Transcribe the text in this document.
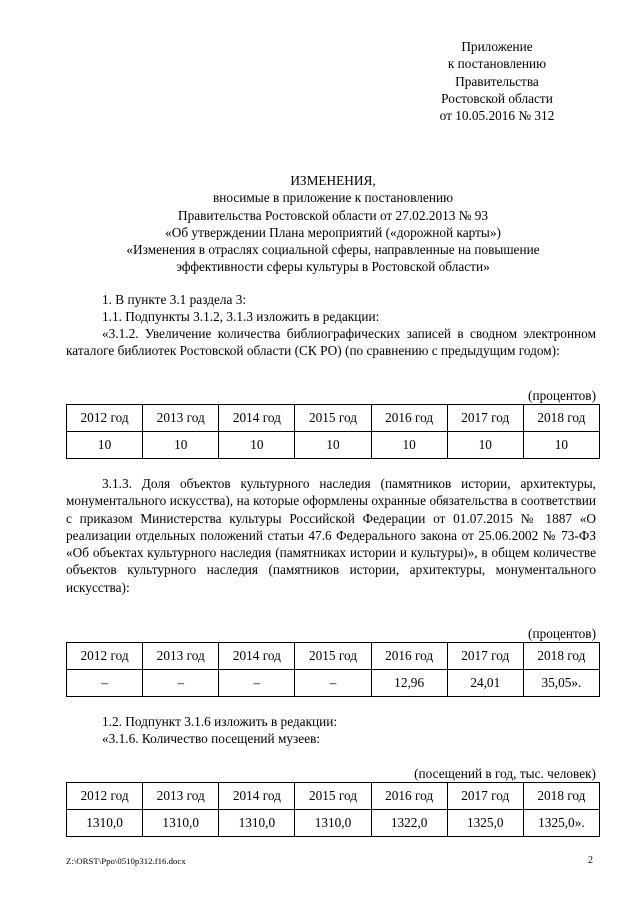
Приложение
к постановлению
Правительства
Ростовской области
от 10.05.2016 № 312
ИЗМЕНЕНИЯ,
вносимые в приложение к постановлению
Правительства Ростовской области от 27.02.2013 № 93
«Об утверждении Плана мероприятий («дорожной карты»)
«Изменения в отраслях социальной сферы, направленные на повышение
эффективности сферы культуры в Ростовской области»
1. В пункте 3.1 раздела 3:
1.1. Подпункты 3.1.2, 3.1.3 изложить в редакции:
«3.1.2. Увеличение количества библиографических записей в сводном электронном каталоге библиотек Ростовской области (СК РО) (по сравнению с предыдущим годом):
(процентов)
2012 год	2013 год	2014 год	2015 год	2016 год	2017 год	2018 год
10	10	10	10	10	10	10
3.1.3. Доля объектов культурного наследия (памятников истории, архитектуры, монументального искусства), на которые оформлены охранные обязательства в соответствии с приказом Министерства культуры Российской Федерации от 01.07.2015 № 1887 «О реализации отдельных положений статьи 47.6 Федерального закона от 25.06.2002 № 73-ФЗ «Об объектах культурного наследия (памятниках истории и культуры)», в общем количестве объектов культурного наследия (памятников истории, архитектуры, монументального искусства):
(процентов)
2012 год	2013 год	2014 год	2015 год	2016 год	2017 год	2018 год
–	–	–	–	12,96	24,01	35,05».
1.2. Подпункт 3.1.6 изложить в редакции:
«3.1.6. Количество посещений музеев:
(посещений в год, тыс. человек)
2012 год	2013 год	2014 год	2015 год	2016 год	2017 год	2018 год
1310,0	1310,0	1310,0	1310,0	1322,0	1325,0	1325,0».
Z:\ORST\Ppo\0510p312.f16.docx	2
